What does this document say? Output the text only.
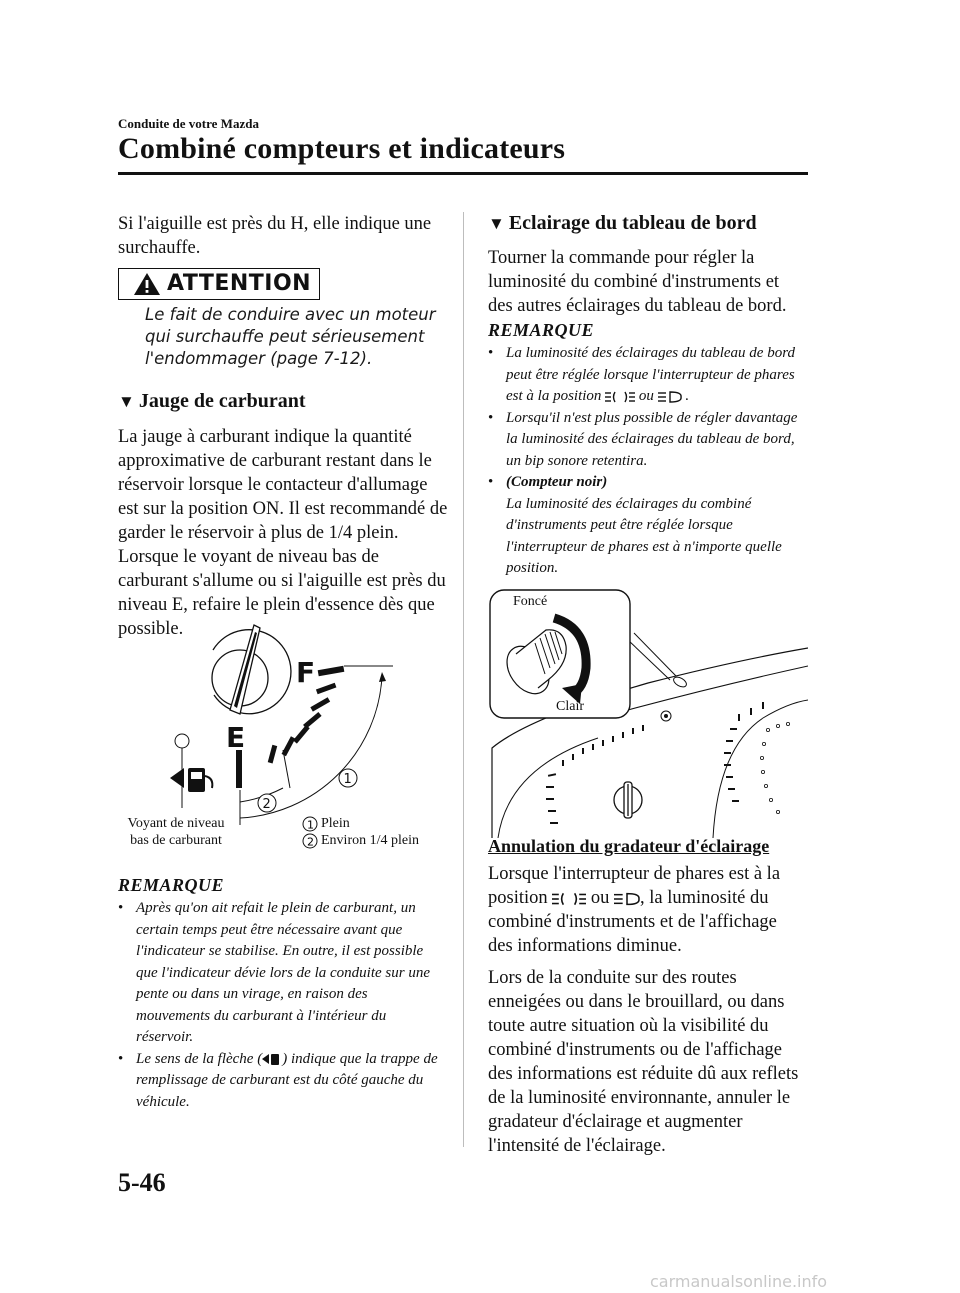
Conduite de votre Mazda
Combiné compteurs et indicateurs
Si l'aiguille est près du H, elle indique une surchauffe.
ATTENTION
Le fait de conduire avec un moteur qui surchauffe peut sérieusement l'endommager (page 7-12).
▼ Jauge de carburant
La jauge à carburant indique la quantité approximative de carburant restant dans le réservoir lorsque le contacteur d'allumage est sur la position ON. Il est recommandé de garder le réservoir à plus de 1/4 plein. Lorsque le voyant de niveau bas de carburant s'allume ou si l'aiguille est près du niveau E, refaire le plein d'essence dès que possible.
F
E
2
1
Voyant de niveau
bas de carburant
1 Plein
2 Environ 1/4 plein
REMARQUE
• Après qu'on ait refait le plein de carburant, un certain temps peut être nécessaire avant que l'indicateur se stabilise. En outre, il est possible que l'indicateur dévie lors de la conduite sur une pente ou dans un virage, en raison des mouvements du carburant à l'intérieur du réservoir.
• Le sens de la flèche ( ) indique que la trappe de remplissage de carburant est du côté gauche du véhicule.
▼ Eclairage du tableau de bord
Tourner la commande pour régler la luminosité du combiné d'instruments et des autres éclairages du tableau de bord.
REMARQUE
• La luminosité des éclairages du tableau de bord peut être réglée lorsque l'interrupteur de phares est à la position	ou .
• Lorsqu'il n'est plus possible de régler davantage la luminosité des éclairages du tableau de bord, un bip sonore retentira.
• (Compteur noir)
La luminosité des éclairages du combiné d'instruments peut être réglée lorsque l'interrupteur de phares est à n'importe quelle position.
Foncé
Clair
Annulation du gradateur d'éclairage
Lorsque l'interrupteur de phares est à la position ou , la luminosité du combiné d'instruments et de l'affichage des informations diminue.
Lors de la conduite sur des routes enneigées ou dans le brouillard, ou dans toute autre situation où la visibilité du combiné d'instruments ou de l'affichage des informations est réduite dû aux reflets de la luminosité environnante, annuler le gradateur d'éclairage et augmenter l'intensité de l'éclairage.
5-46
carmanualsonline.info
